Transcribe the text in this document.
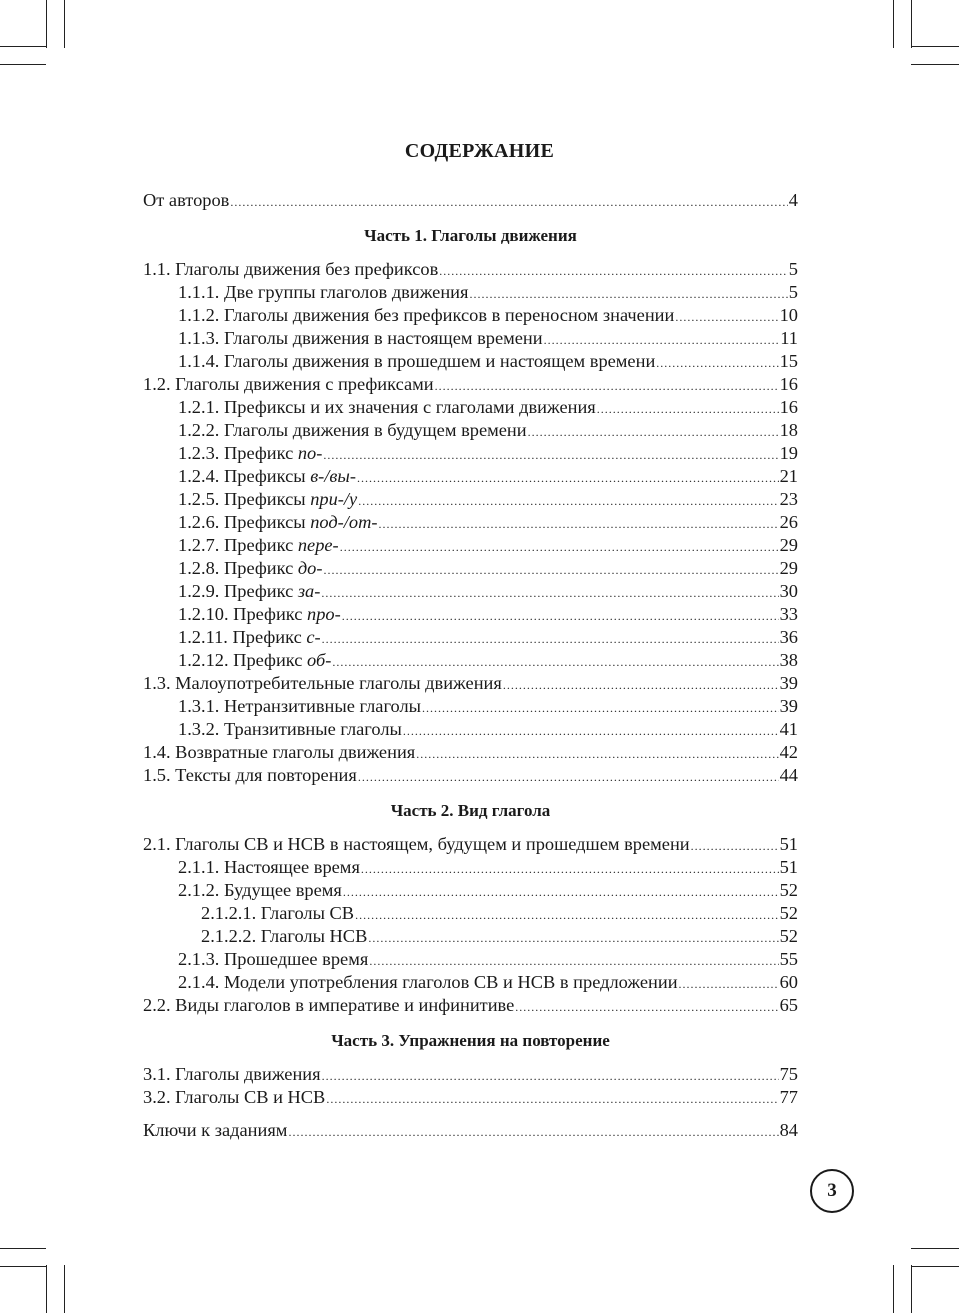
СОДЕРЖАНИЕ
От авторов .....	4
Часть 1. Глаголы движения
1.1. Глаголы движения без префиксов .....	5
1.1.1. Две группы глаголов движения .....	5
1.1.2. Глаголы движения без префиксов в переносном значении .....	10
1.1.3. Глаголы движения в настоящем времени .....	11
1.1.4. Глаголы движения в прошедшем и настоящем времени .....	15
1.2. Глаголы движения с префиксами .....	16
1.2.1. Префиксы и их значения с глаголами движения .....	16
1.2.2. Глаголы движения в будущем времени .....	18
1.2.3. Префикс по- .....	19
1.2.4. Префиксы в-/вы- .....	21
1.2.5. Префиксы при-/у .....	23
1.2.6. Префиксы под-/от- .....	26
1.2.7. Префикс пере- .....	29
1.2.8. Префикс до- .....	29
1.2.9. Префикс за- .....	30
1.2.10. Префикс про- .....	33
1.2.11. Префикс с- .....	36
1.2.12. Префикс об- .....	38
1.3. Малоупотребительные глаголы движения .....	39
1.3.1. Нетранзитивные глаголы .....	39
1.3.2. Транзитивные глаголы .....	41
1.4. Возвратные глаголы движения .....	42
1.5. Тексты для повторения .....	44
Часть 2. Вид глагола
2.1. Глаголы СВ и НСВ в настоящем, будущем и прошедшем времени .....	51
2.1.1. Настоящее время .....	51
2.1.2. Будущее время .....	52
2.1.2.1. Глаголы СВ .....	52
2.1.2.2. Глаголы НСВ .....	52
2.1.3. Прошедшее время .....	55
2.1.4. Модели употребления глаголов СВ и НСВ в предложении .....	60
2.2. Виды глаголов в императиве и инфинитиве .....	65
Часть 3. Упражнения на повторение
3.1. Глаголы движения .....	75
3.2. Глаголы СВ и НСВ .....	77
Ключи к заданиям .....	84
3
